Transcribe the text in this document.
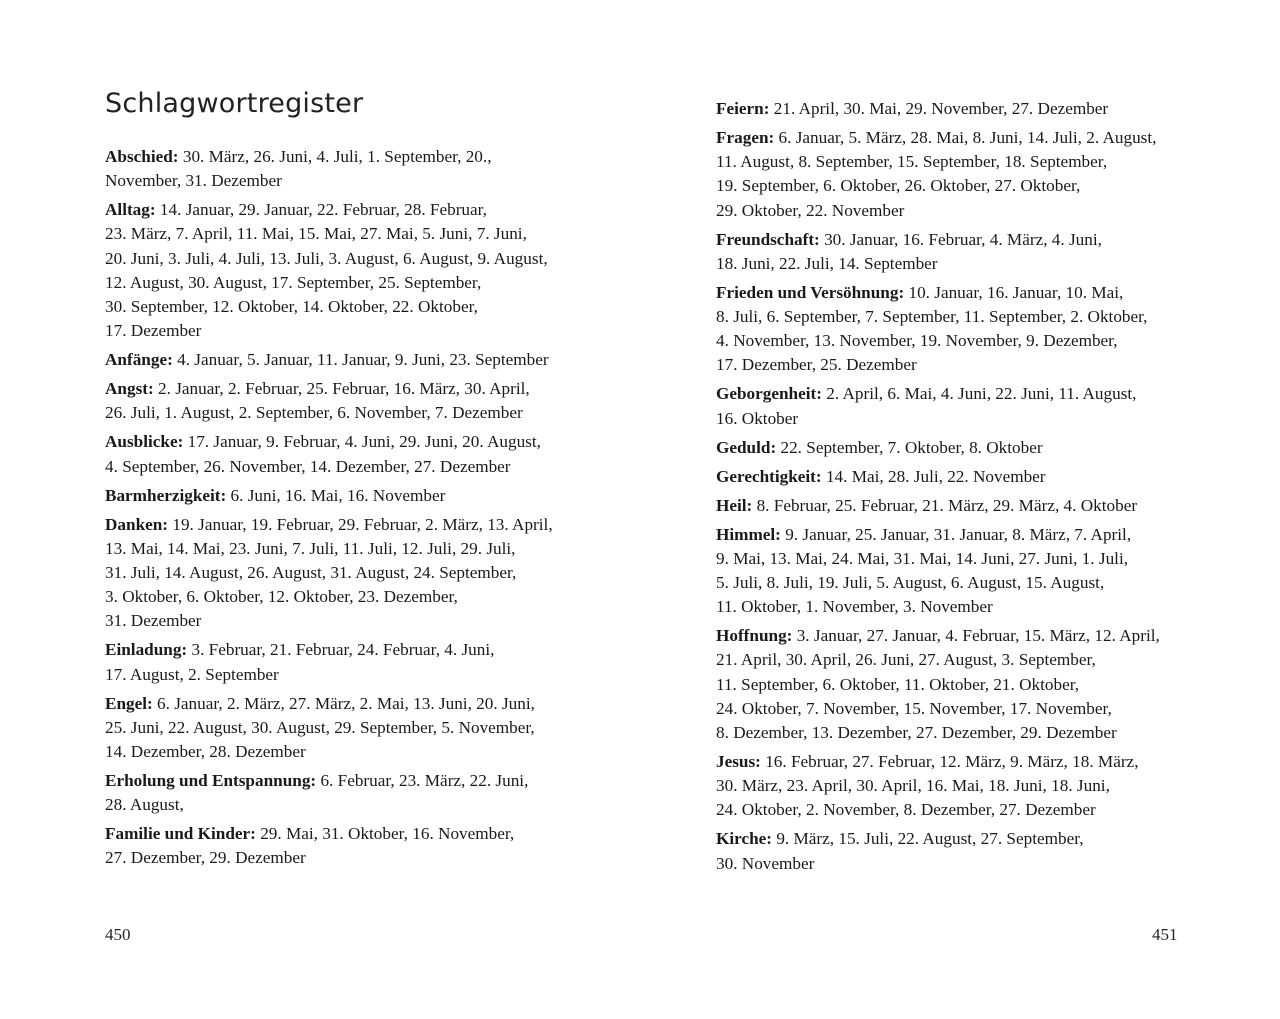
Schlagwortregister
Abschied: 30. März, 26. Juni, 4. Juli, 1. September, 20.,
November, 31. Dezember
Alltag: 14. Januar, 29. Januar, 22. Februar, 28. Februar,
23. März, 7. April, 11. Mai, 15. Mai, 27. Mai, 5. Juni, 7. Juni,
20. Juni, 3. Juli, 4. Juli, 13. Juli, 3. August, 6. August, 9. August,
12. August, 30. August, 17. September, 25. September,
30. September, 12. Oktober, 14. Oktober, 22. Oktober,
17. Dezember
Anfänge: 4. Januar, 5. Januar, 11. Januar, 9. Juni, 23. September
Angst: 2. Januar, 2. Februar, 25. Februar, 16. März, 30. April,
26. Juli, 1. August, 2. September, 6. November, 7. Dezember
Ausblicke: 17. Januar, 9. Februar, 4. Juni, 29. Juni, 20. August,
4. September, 26. November, 14. Dezember, 27. Dezember
Barmherzigkeit: 6. Juni, 16. Mai, 16. November
Danken: 19. Januar, 19. Februar, 29. Februar, 2. März, 13. April,
13. Mai, 14. Mai, 23. Juni, 7. Juli, 11. Juli, 12. Juli, 29. Juli,
31. Juli, 14. August, 26. August, 31. August, 24. September,
3. Oktober, 6. Oktober, 12. Oktober, 23. Dezember,
31. Dezember
Einladung: 3. Februar, 21. Februar, 24. Februar, 4. Juni,
17. August, 2. September
Engel: 6. Januar, 2. März, 27. März, 2. Mai, 13. Juni, 20. Juni,
25. Juni, 22. August, 30. August, 29. September, 5. November,
14. Dezember, 28. Dezember
Erholung und Entspannung: 6. Februar, 23. März, 22. Juni,
28. August,
Familie und Kinder: 29. Mai, 31. Oktober, 16. November,
27. Dezember, 29. Dezember
Feiern: 21. April, 30. Mai, 29. November, 27. Dezember
Fragen: 6. Januar, 5. März, 28. Mai, 8. Juni, 14. Juli, 2. August,
11. August, 8. September, 15. September, 18. September,
19. September, 6. Oktober, 26. Oktober, 27. Oktober,
29. Oktober, 22. November
Freundschaft: 30. Januar, 16. Februar, 4. März, 4. Juni,
18. Juni, 22. Juli, 14. September
Frieden und Versöhnung: 10. Januar, 16. Januar, 10. Mai,
8. Juli, 6. September, 7. September, 11. September, 2. Oktober,
4. November, 13. November, 19. November, 9. Dezember,
17. Dezember, 25. Dezember
Geborgenheit: 2. April, 6. Mai, 4. Juni, 22. Juni, 11. August,
16. Oktober
Geduld: 22. September, 7. Oktober, 8. Oktober
Gerechtigkeit: 14. Mai, 28. Juli, 22. November
Heil: 8. Februar, 25. Februar, 21. März, 29. März, 4. Oktober
Himmel: 9. Januar, 25. Januar, 31. Januar, 8. März, 7. April,
9. Mai, 13. Mai, 24. Mai, 31. Mai, 14. Juni, 27. Juni, 1. Juli,
5. Juli, 8. Juli, 19. Juli, 5. August, 6. August, 15. August,
11. Oktober, 1. November, 3. November
Hoffnung: 3. Januar, 27. Januar, 4. Februar, 15. März, 12. April,
21. April, 30. April, 26. Juni, 27. August, 3. September,
11. September, 6. Oktober, 11. Oktober, 21. Oktober,
24. Oktober, 7. November, 15. November, 17. November,
8. Dezember, 13. Dezember, 27. Dezember, 29. Dezember
Jesus: 16. Februar, 27. Februar, 12. März, 9. März, 18. März,
30. März, 23. April, 30. April, 16. Mai, 18. Juni, 18. Juni,
24. Oktober, 2. November, 8. Dezember, 27. Dezember
Kirche: 9. März, 15. Juli, 22. August, 27. September,
30. November
450	451
